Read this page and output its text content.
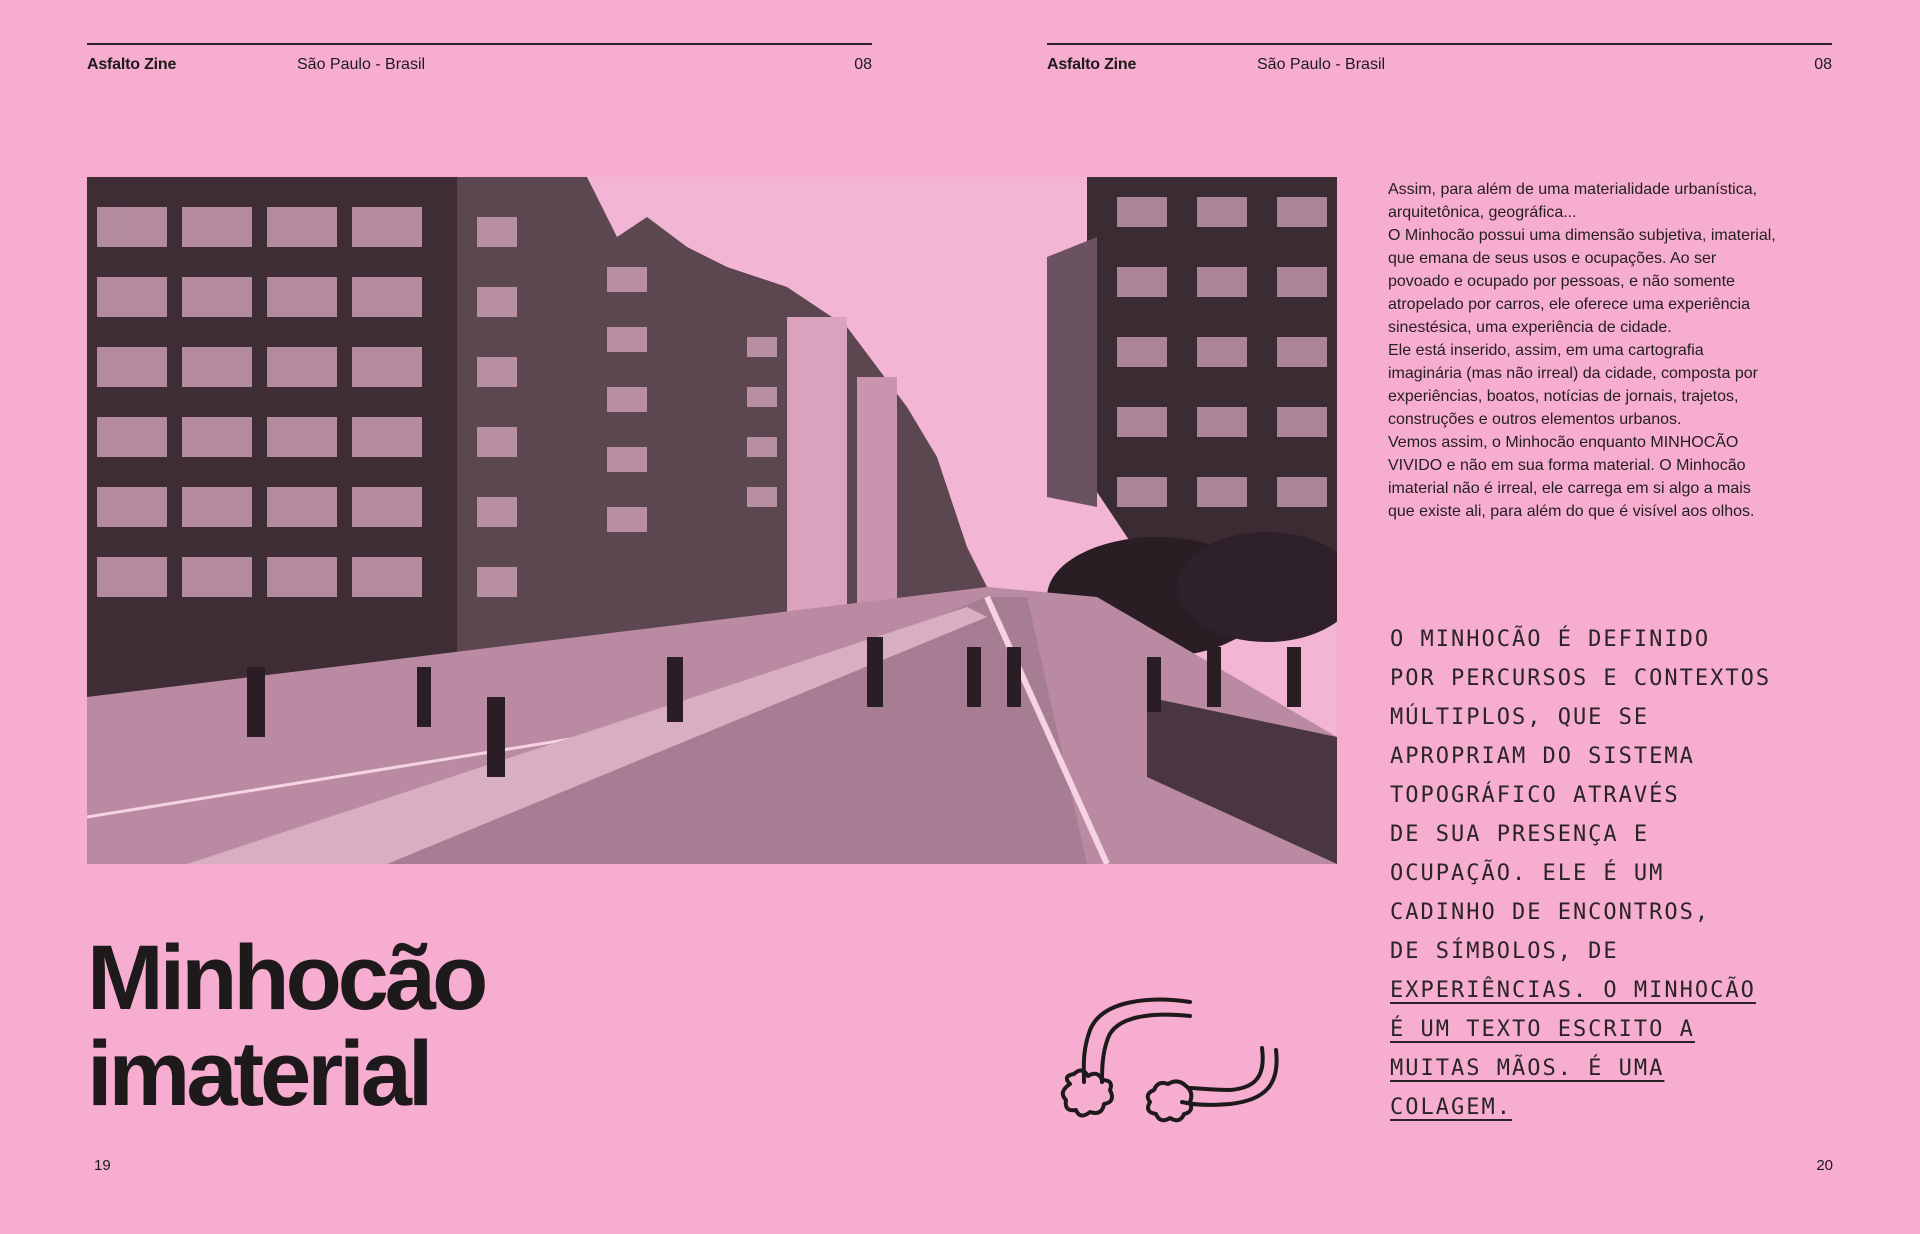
Asfalto Zine	São Paulo - Brasil	08
Minhocão
imaterial
19
Asfalto Zine	São Paulo - Brasil	08

Assim, para além de uma materialidade urbanística, arquitetônica, geográfica...

O Minhocão possui uma dimensão subjetiva, imaterial, que emana de seus usos e ocupações. Ao ser povoado e ocupado por pessoas, e não somente atropelado por carros, ele oferece uma experiência sinestésica, uma experiência de cidade.

Ele está inserido, assim, em uma cartografia imaginária (mas não irreal) da cidade, composta por experiências, boatos, notícias de jornais, trajetos, construções e outros elementos urbanos.

Vemos assim, o Minhocão enquanto MINHOCÃO VIVIDO e não em sua forma material. O Minhocão imaterial não é irreal, ele carrega em si algo a mais que existe ali, para além do que é visível aos olhos.

O MINHOCÃO É DEFINIDO

POR PERCURSOS E CONTEXTOS

MÚLTIPLOS, QUE SE

APROPRIAM DO SISTEMA

TOPOGRÁFICO ATRAVÉS

DE SUA PRESENÇA E

OCUPAÇÃO. ELE É UM

CADINHO DE ENCONTROS,

DE SÍMBOLOS, DE

EXPERIÊNCIAS. O MINHOCÃO

É UM TEXTO ESCRITO A

MUITAS MÃOS. É UMA

COLAGEM.

20
